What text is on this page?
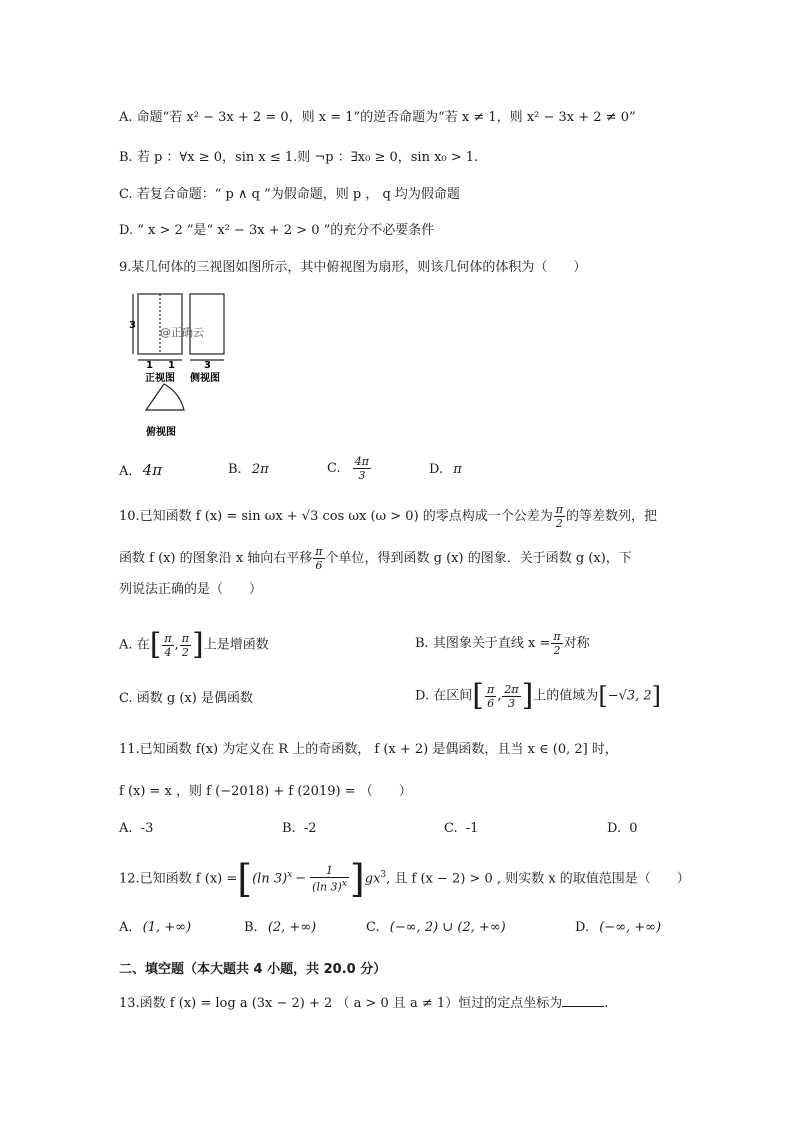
A. 命题“若 x² − 3x + 2 = 0，则 x = 1”的逆否命题为“若 x ≠ 1，则 x² − 3x + 2 ≠ 0”
B. 若 p ：∀x ≥ 0，sin x ≤ 1.则 ¬p ：∃x₀ ≥ 0，sin x₀ > 1.
C. 若复合命题：“ p ∧ q ”为假命题，则 p ， q 均为假命题
D. “ x > 2 ”是“ x² − 3x + 2 > 0 ”的充分不必要条件
9.某几何体的三视图如图所示，其中俯视图为扇形，则该几何体的体积为（　　）
3
1 1	3
@正确云
正视图 侧视图
俯视图
A. 4π	B. 2π	C. $\frac{4\pi}{3}$	D. π
10.已知函数 f (x) = sin ωx + √3 cos ωx (ω > 0) 的零点构成一个公差为 $\frac{\pi}{2}$ 的等差数列，把
函数 f (x) 的图象沿 x 轴向右平移 $\frac{\pi}{6}$ 个单位，得到函数 g (x) 的图象．关于函数 g (x)，下
列说法正确的是（　　）
A. 在[ $\frac{\pi}{4}$ , $\frac{\pi}{2}$ ]上是增函数	B. 其图象关于直线 $x = \frac{\pi}{2}$ 对称
C. 函数 g (x) 是偶函数	D. 在区间[ $\frac{\pi}{6}$ , $\frac{2\pi}{3}$ ]上的值域为[−√3, 2]
11.已知函数 f(x) 为定义在 R 上的奇函数， f (x + 2) 是偶函数，且当 x ∈ (0, 2] 时，
f (x) = x ，则 f (−2018) + f (2019) = （　　）
A. -3	B. -2	C. -1	D. 0
12.已知函数 f (x) =[(ln $3)^x - \frac{1}{(\ln 3)^x} ]gx^3$, 且 f (x − 2) > 0 , 则实数 x 的取值范围是（　　）
A. (1, +∞)	B. (2, +∞)	C. (−∞, 2) ∪ (2, +∞)	D. (−∞, +∞)
二、填空题（本大题共 4 小题，共 20.0 分）
13.函数 f (x) = log a (3x − 2) + 2 （ a > 0 且 a ≠ 1）恒过的定点坐标为	.
